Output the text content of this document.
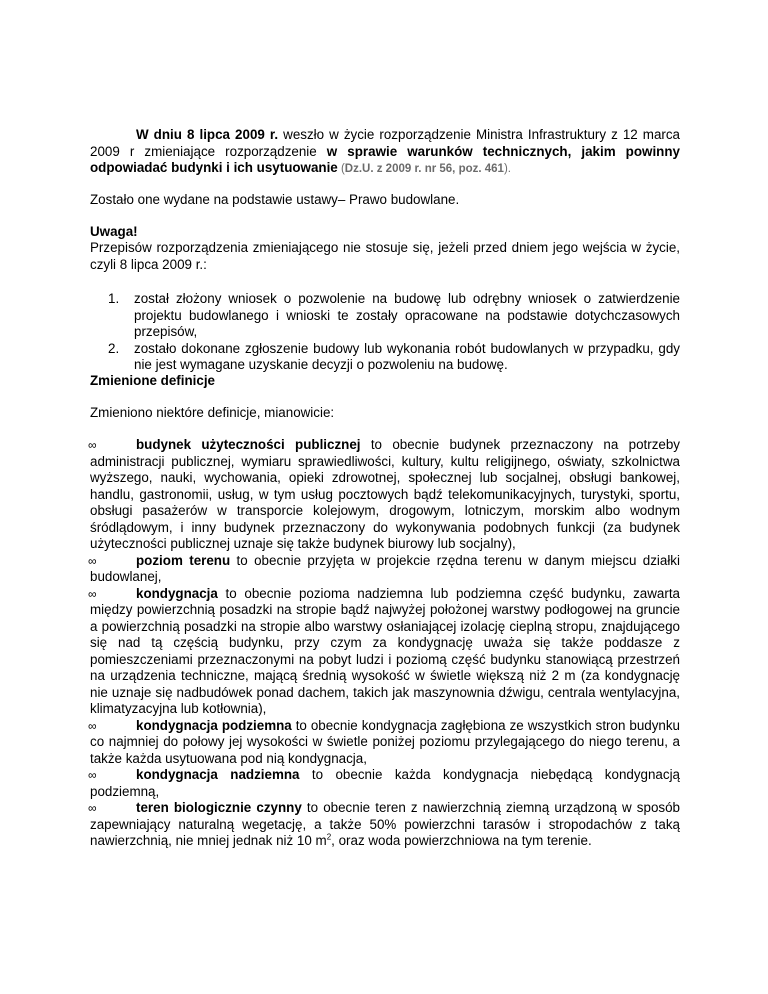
W dniu 8 lipca 2009 r. weszło w życie rozporządzenie Ministra Infrastruktury z 12 marca 2009 r zmieniające rozporządzenie w sprawie warunków technicznych, jakim powinny odpowiadać budynki i ich usytuowanie (Dz.U. z 2009 r. nr 56, poz. 461).

Zostało one wydane na podstawie ustawy– Prawo budowlane.

Uwaga!

Przepisów rozporządzenia zmieniającego nie stosuje się, jeżeli przed dniem jego wejścia w życie, czyli 8 lipca 2009 r.:

1. został złożony wniosek o pozwolenie na budowę lub odrębny wniosek o zatwierdzenie projektu budowlanego i wnioski te zostały opracowane na podstawie dotychczasowych przepisów,
2. zostało dokonane zgłoszenie budowy lub wykonania robót budowlanych w przypadku, gdy nie jest wymagane uzyskanie decyzji o pozwoleniu na budowę.

Zmienione definicje

Zmieniono niektóre definicje, mianowicie:

∞	budynek użyteczności publicznej to obecnie budynek przeznaczony na potrzeby administracji publicznej, wymiaru sprawiedliwości, kultury, kultu religijnego, oświaty, szkolnictwa wyższego, nauki, wychowania, opieki zdrowotnej, społecznej lub socjalnej, obsługi bankowej, handlu, gastronomii, usług, w tym usług pocztowych bądź telekomunikacyjnych, turystyki, sportu, obsługi pasażerów w transporcie kolejowym, drogowym, lotniczym, morskim albo wodnym śródlądowym, i inny budynek przeznaczony do wykonywania podobnych funkcji (za budynek użyteczności publicznej uznaje się także budynek biurowy lub socjalny),
∞	poziom terenu to obecnie przyjęta w projekcie rzędna terenu w danym miejscu działki budowlanej,
∞	kondygnacja to obecnie pozioma nadziemna lub podziemna część budynku, zawarta między powierzchnią posadzki na stropie bądź najwyżej położonej warstwy podłogowej na gruncie a powierzchnią posadzki na stropie albo warstwy osłaniającej izolację cieplną stropu, znajdującego się nad tą częścią budynku, przy czym za kondygnację uważa się także poddasze z pomieszczeniami przeznaczonymi na pobyt ludzi i poziomą część budynku stanowiącą przestrzeń na urządzenia techniczne, mającą średnią wysokość w świetle większą niż 2 m (za kondygnację nie uznaje się nadbudówek ponad dachem, takich jak maszynownia dźwigu, centrala wentylacyjna, klimatyzacyjna lub kotłownia),
∞	kondygnacja podziemna to obecnie kondygnacja zagłębiona ze wszystkich stron budynku co najmniej do połowy jej wysokości w świetle poniżej poziomu przylegającego do niego terenu, a także każda usytuowana pod nią kondygnacja,
∞	kondygnacja nadziemna to obecnie każda kondygnacja niebędącą kondygnacją podziemną,
∞	teren biologicznie czynny to obecnie teren z nawierzchnią ziemną urządzoną w sposób zapewniający naturalną wegetację, a także 50% powierzchni tarasów i stropodachów z taką nawierzchnią, nie mniej jednak niż 10 $m^2$, oraz woda powierzchniowa na tym terenie.
